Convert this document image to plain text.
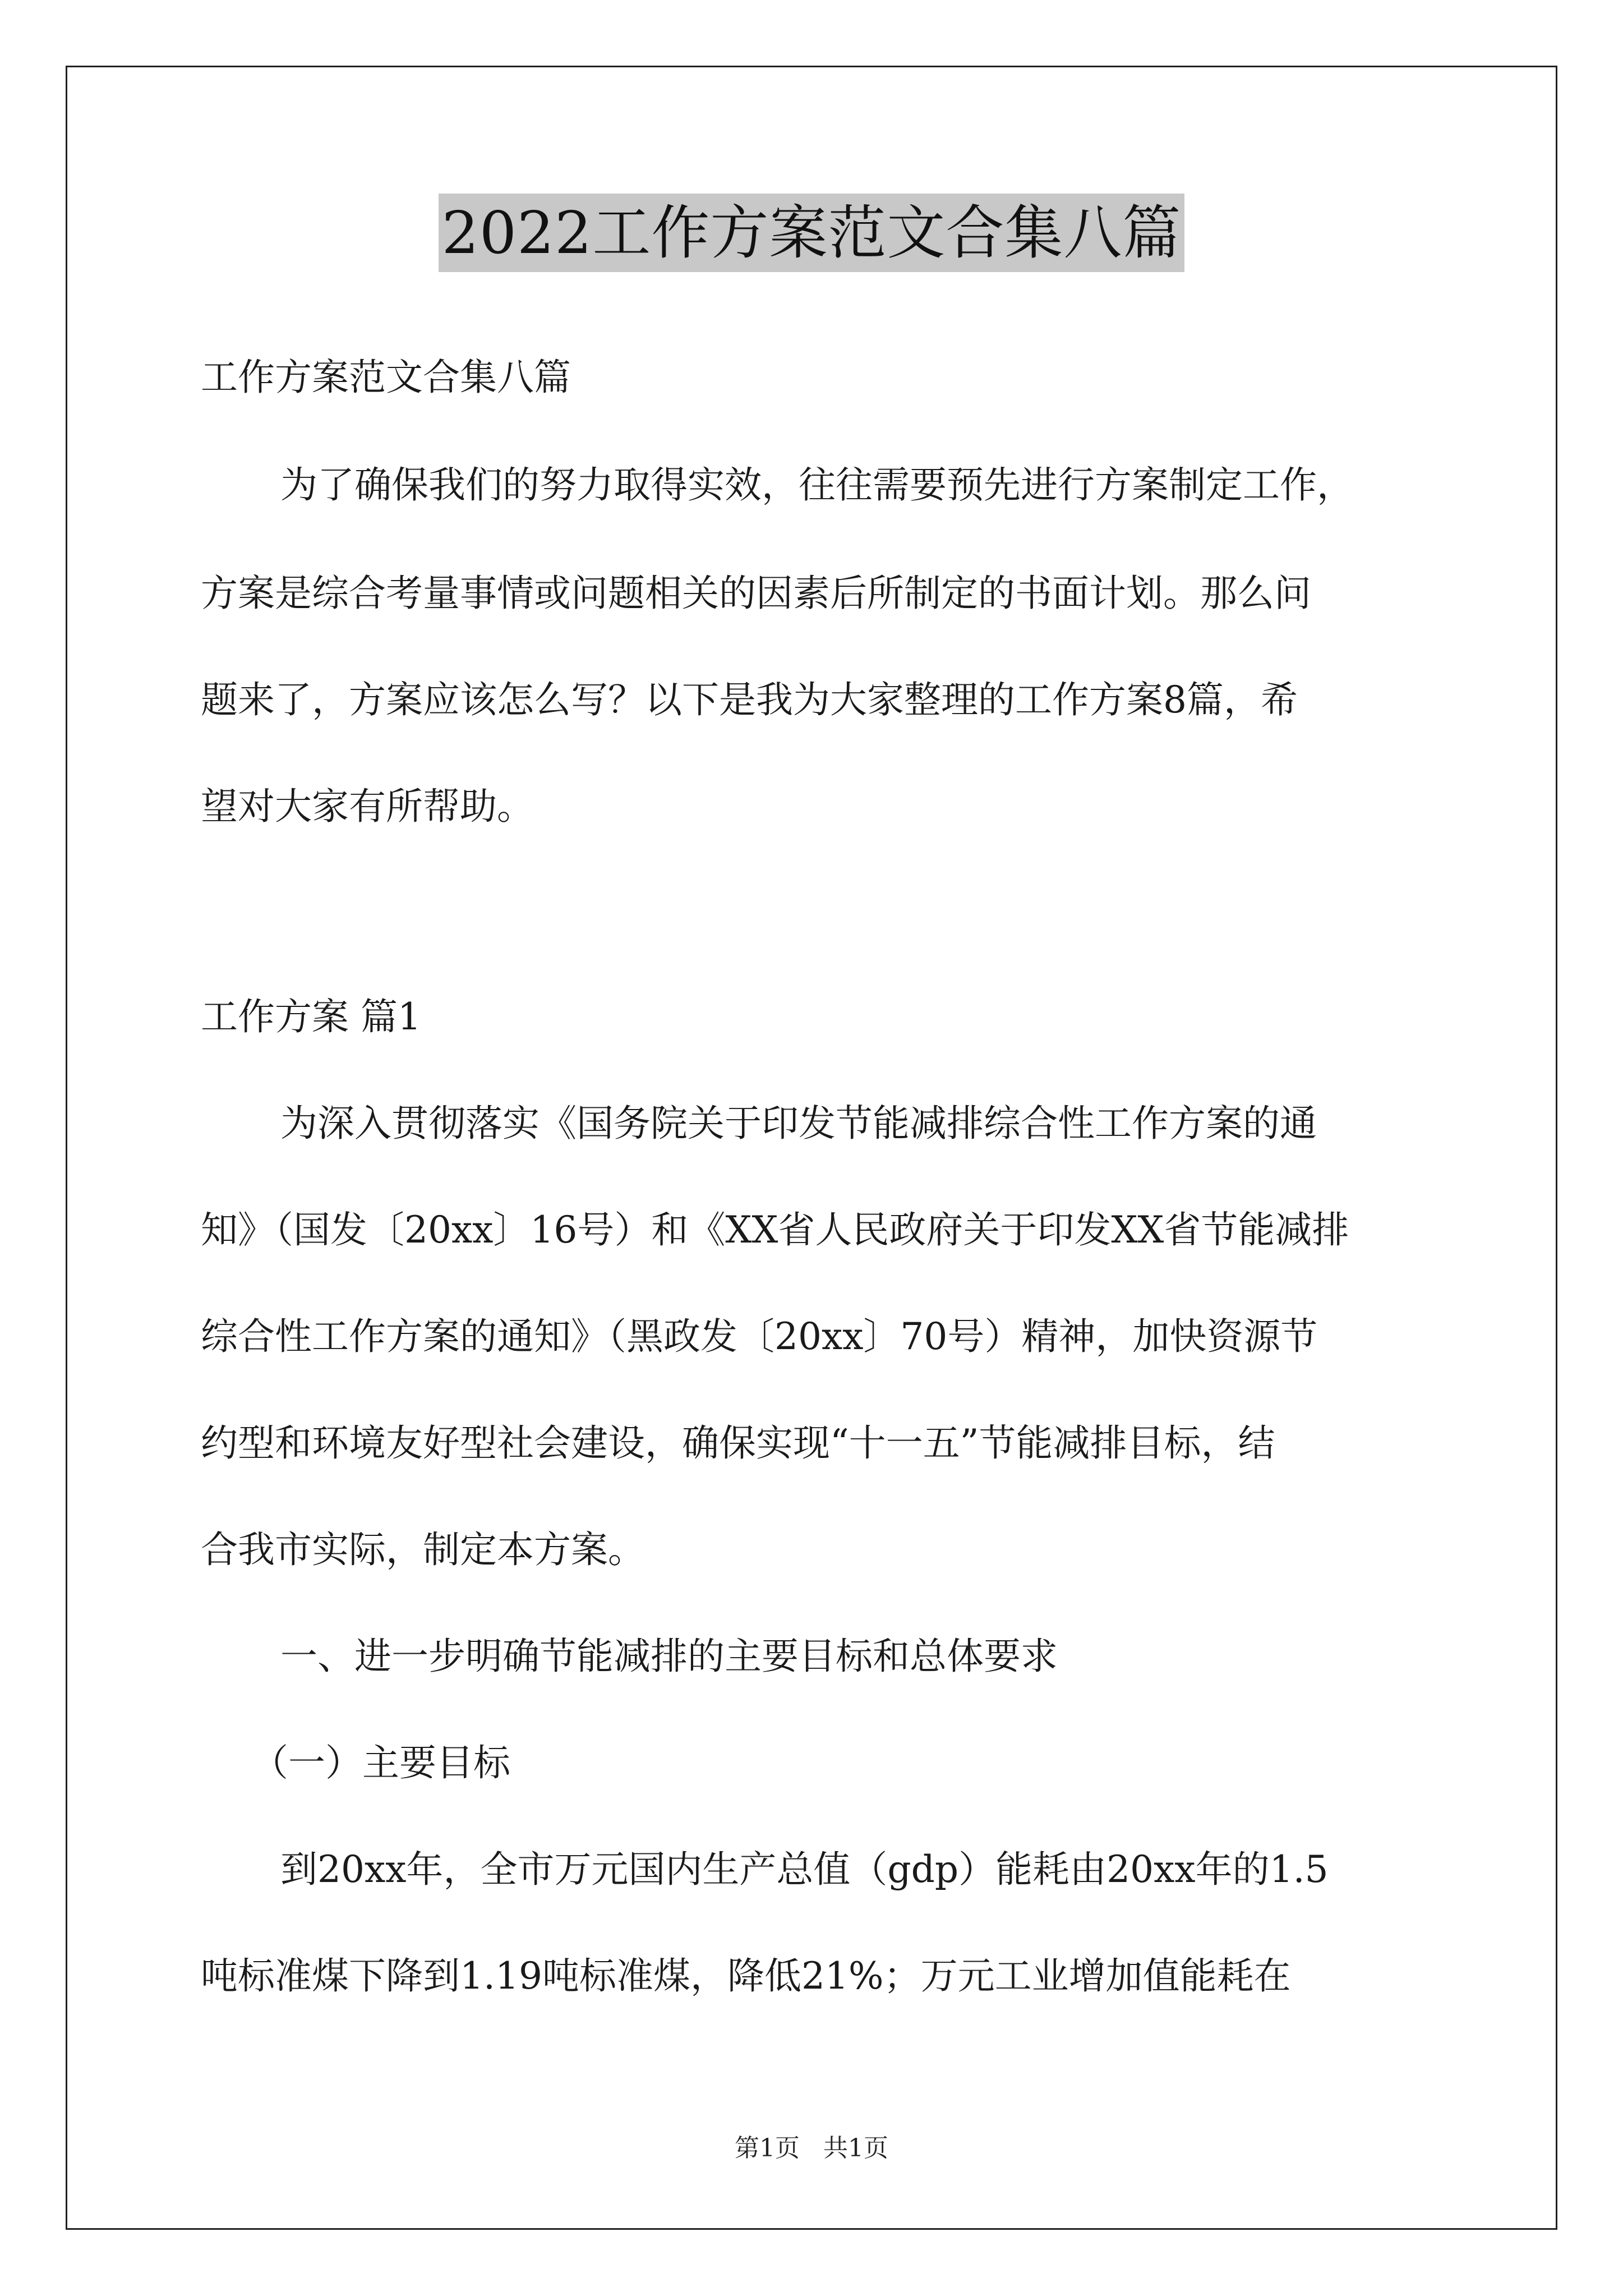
2022工作方案范文合集八篇
工作方案范文合集八篇
为了确保我们的努力取得实效，往往需要预先进行方案制定工作，
方案是综合考量事情或问题相关的因素后所制定的书面计划。那么问
题来了，方案应该怎么写？以下是我为大家整理的工作方案8篇，希
望对大家有所帮助。
工作方案 篇1
为深入贯彻落实《国务院关于印发节能减排综合性工作方案的通
知》（国发〔20xx〕16号）和《XX省人民政府关于印发XX省节能减排
综合性工作方案的通知》（黑政发〔20xx〕70号）精神，加快资源节
约型和环境友好型社会建设，确保实现“十一五”节能减排目标，结
合我市实际，制定本方案。
一、进一步明确节能减排的主要目标和总体要求
（一）主要目标
到20xx年，全市万元国内生产总值（gdp）能耗由20xx年的1.5
吨标准煤下降到1.19吨标准煤，降低21%；万元工业增加值能耗在
第1页 共1页
